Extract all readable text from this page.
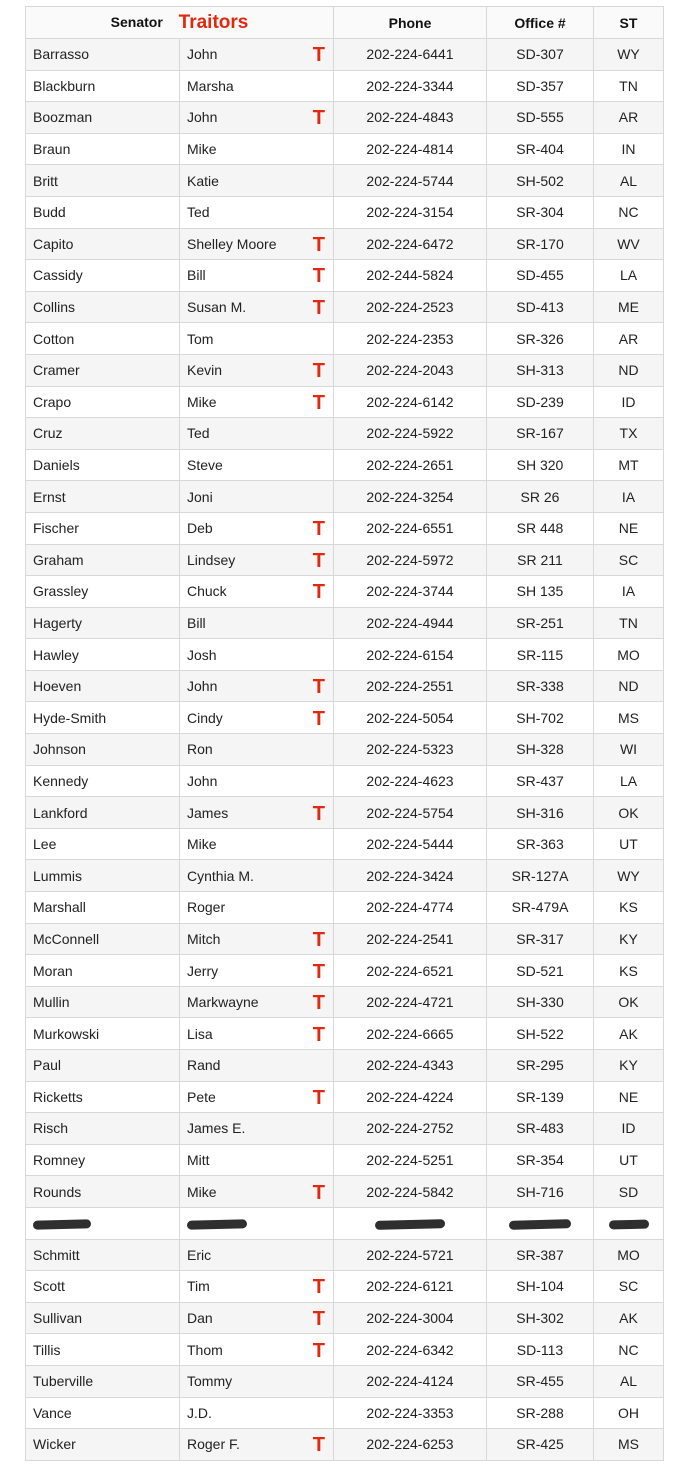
Senator Traitors		Phone	Office #	ST
Barrasso	John T	202-224-6441	SD-307	WY
Blackburn	Marsha	202-224-3344	SD-357	TN
Boozman	John T	202-224-4843	SD-555	AR
Braun	Mike	202-224-4814	SR-404	IN
Britt	Katie	202-224-5744	SH-502	AL
Budd	Ted	202-224-3154	SR-304	NC
Capito	Shelley Moore T	202-224-6472	SR-170	WV
Cassidy	Bill T	202-244-5824	SD-455	LA
Collins	Susan M. T	202-224-2523	SD-413	ME
Cotton	Tom	202-224-2353	SR-326	AR
Cramer	Kevin T	202-224-2043	SH-313	ND
Crapo	Mike T	202-224-6142	SD-239	ID
Cruz	Ted	202-224-5922	SR-167	TX
Daniels	Steve	202-224-2651	SH 320	MT
Ernst	Joni	202-224-3254	SR 26	IA
Fischer	Deb T	202-224-6551	SR 448	NE
Graham	Lindsey T	202-224-5972	SR 211	SC
Grassley	Chuck T	202-224-3744	SH 135	IA
Hagerty	Bill	202-224-4944	SR-251	TN
Hawley	Josh	202-224-6154	SR-115	MO
Hoeven	John T	202-224-2551	SR-338	ND
Hyde-Smith	Cindy T	202-224-5054	SH-702	MS
Johnson	Ron	202-224-5323	SH-328	WI
Kennedy	John	202-224-4623	SR-437	LA
Lankford	James T	202-224-5754	SH-316	OK
Lee	Mike	202-224-5444	SR-363	UT
Lummis	Cynthia M.	202-224-3424	SR-127A	WY
Marshall	Roger	202-224-4774	SR-479A	KS
McConnell	Mitch T	202-224-2541	SR-317	KY
Moran	Jerry T	202-224-6521	SD-521	KS
Mullin	Markwayne T	202-224-4721	SH-330	OK
Murkowski	Lisa T	202-224-6665	SH-522	AK
Paul	Rand	202-224-4343	SR-295	KY
Ricketts	Pete T	202-224-4224	SR-139	NE
Risch	James E.	202-224-2752	SR-483	ID
Romney	Mitt	202-224-5251	SR-354	UT
Rounds	Mike T	202-224-5842	SH-716	SD

Schmitt	Eric	202-224-5721	SR-387	MO
Scott	Tim T	202-224-6121	SH-104	SC
Sullivan	Dan T	202-224-3004	SH-302	AK
Tillis	Thom T	202-224-6342	SD-113	NC
Tuberville	Tommy	202-224-4124	SR-455	AL
Vance	J.D.	202-224-3353	SR-288	OH
Wicker	Roger F. T	202-224-6253	SR-425	MS
